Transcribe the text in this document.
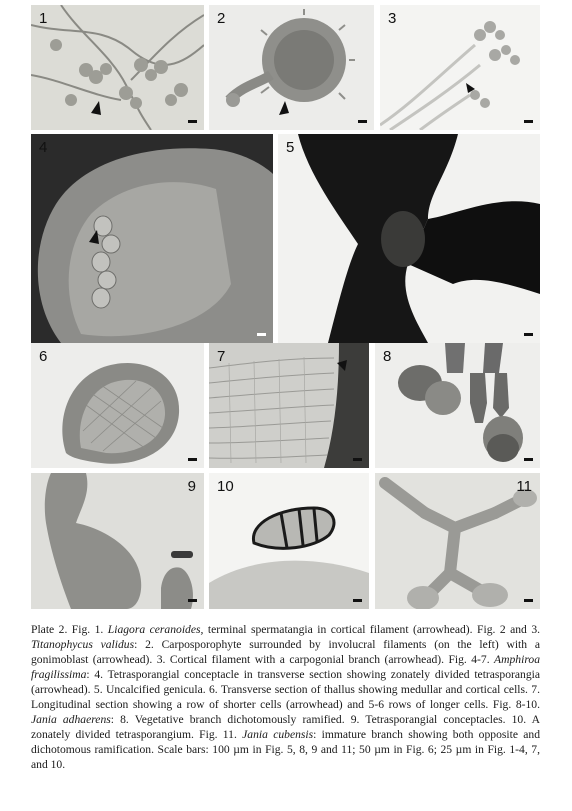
1	2	3
4	5
6	7	8
9 10	11

Plate 2. Fig. 1. Liagora ceranoides, terminal spermatangia in cortical filament (arrowhead). Fig. 2 and 3. Titanophycus validus: 2. Carposporophyte surrounded by involucral filaments (on the left) with a gonimoblast (arrowhead). 3. Cortical filament with a carpogonial branch (arrowhead). Fig. 4-7. Amphiroa fragilissima: 4. Tetrasporangial conceptacle in transverse section showing zonately divided tetrasporangia (arrowhead). 5. Uncalcified genicula. 6. Transverse section of thallus showing medullar and cortical cells. 7. Longitudinal section showing a row of shorter cells (arrowhead) and 5-6 rows of longer cells. Fig. 8-10. Jania adhaerens: 8. Vegetative branch dichotomously ramified. 9. Tetrasporangial conceptacles. 10. A zonately divided tetrasporangium. Fig. 11. Jania cubensis: immature branch showing both opposite and dichotomous ramification. Scale bars: 100 µm in Fig. 5, 8, 9 and 11; 50 µm in Fig. 6; 25 µm in Fig. 1-4, 7, and 10.
